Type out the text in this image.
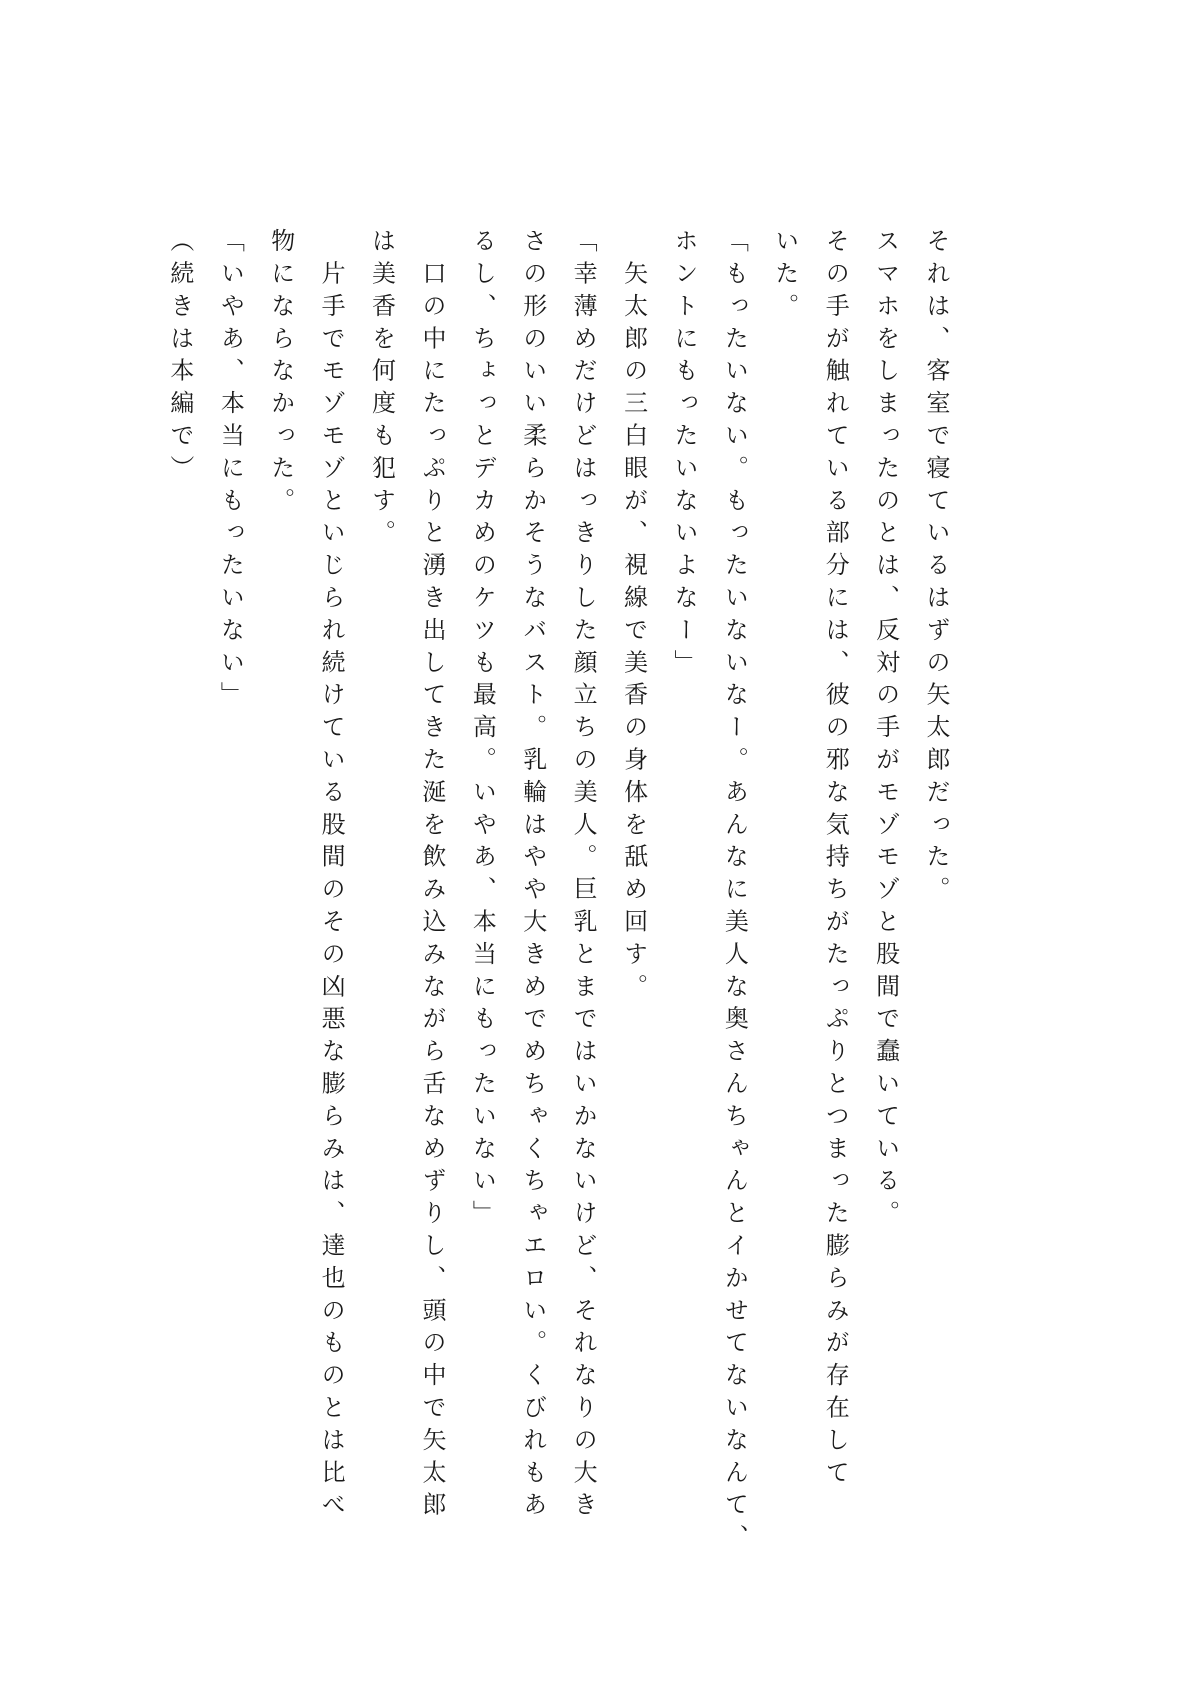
それは、客室で寝ているはずの矢太郎だった。
スマホをしまったのとは、反対の手がモゾモゾと股間で蠢いている。
その手が触れている部分には、彼の邪な気持ちがたっぷりとつまった膨らみが存在して
いた。
「もったいない。もったいないなー。あんなに美人な奥さんちゃんとイかせてないなんて、
ホントにもったいないよなー」
　矢太郎の三白眼が、視線で美香の身体を舐め回す。
「幸薄めだけどはっきりした顔立ちの美人。巨乳とまではいかないけど、それなりの大き
さの形のいい柔らかそうなバスト。乳輪はやや大きめでめちゃくちゃエロい。くびれもあ
るし、ちょっとデカめのケツも最高。いやあ、本当にもったいない」
　口の中にたっぷりと湧き出してきた涎を飲み込みながら舌なめずりし、頭の中で矢太郎
は美香を何度も犯す。
　片手でモゾモゾといじられ続けている股間のその凶悪な膨らみは、達也のものとは比べ
物にならなかった。
「いやあ、本当にもったいない」
（続きは本編で）
